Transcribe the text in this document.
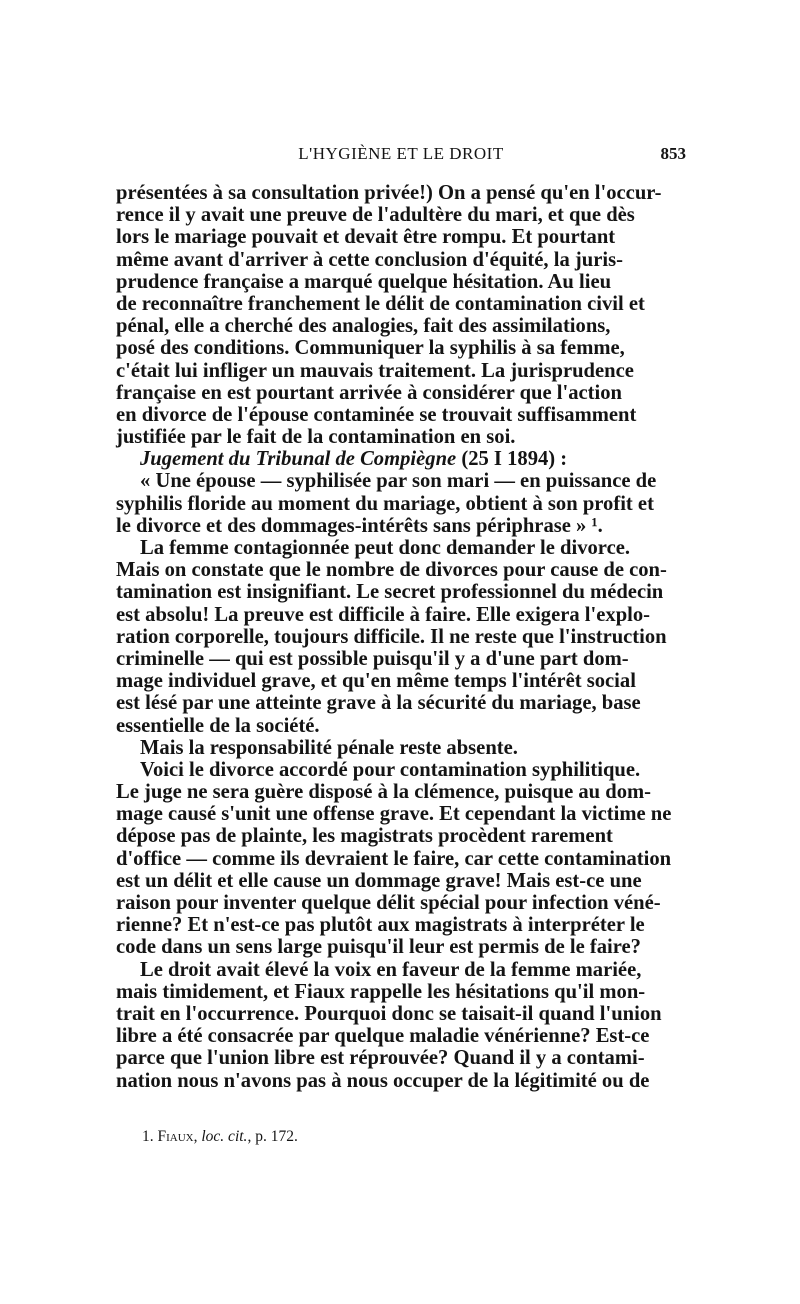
L'HYGIÈNE ET LE DROIT	853
présentées à sa consultation privée!) On a pensé qu'en l'occur-
rence il y avait une preuve de l'adultère du mari, et que dès
lors le mariage pouvait et devait être rompu. Et pourtant
même avant d'arriver à cette conclusion d'équité, la juris-
prudence française a marqué quelque hésitation. Au lieu
de reconnaître franchement le délit de contamination civil et
pénal, elle a cherché des analogies, fait des assimilations,
posé des conditions. Communiquer la syphilis à sa femme,
c'était lui infliger un mauvais traitement. La jurisprudence
française en est pourtant arrivée à considérer que l'action
en divorce de l'épouse contaminée se trouvait suffisamment
justifiée par le fait de la contamination en soi.
Jugement du Tribunal de Compiègne (25 I 1894) :
« Une épouse — syphilisée par son mari — en puissance de
syphilis floride au moment du mariage, obtient à son profit et
le divorce et des dommages-intérêts sans périphrase » ¹.
La femme contagionnée peut donc demander le divorce.
Mais on constate que le nombre de divorces pour cause de con-
tamination est insignifiant. Le secret professionnel du médecin
est absolu! La preuve est difficile à faire. Elle exigera l'explo-
ration corporelle, toujours difficile. Il ne reste que l'instruction
criminelle — qui est possible puisqu'il y a d'une part dom-
mage individuel grave, et qu'en même temps l'intérêt social
est lésé par une atteinte grave à la sécurité du mariage, base
essentielle de la société.
Mais la responsabilité pénale reste absente.
Voici le divorce accordé pour contamination syphilitique.
Le juge ne sera guère disposé à la clémence, puisque au dom-
mage causé s'unit une offense grave. Et cependant la victime ne
dépose pas de plainte, les magistrats procèdent rarement
d'office — comme ils devraient le faire, car cette contamination
est un délit et elle cause un dommage grave! Mais est-ce une
raison pour inventer quelque délit spécial pour infection véné-
rienne? Et n'est-ce pas plutôt aux magistrats à interpréter le
code dans un sens large puisqu'il leur est permis de le faire?
Le droit avait élevé la voix en faveur de la femme mariée,
mais timidement, et Fiaux rappelle les hésitations qu'il mon-
trait en l'occurrence. Pourquoi donc se taisait-il quand l'union
libre a été consacrée par quelque maladie vénérienne? Est-ce
parce que l'union libre est réprouvée? Quand il y a contami-
nation nous n'avons pas à nous occuper de la légitimité ou de
1. Fiaux, loc. cit., p. 172.
